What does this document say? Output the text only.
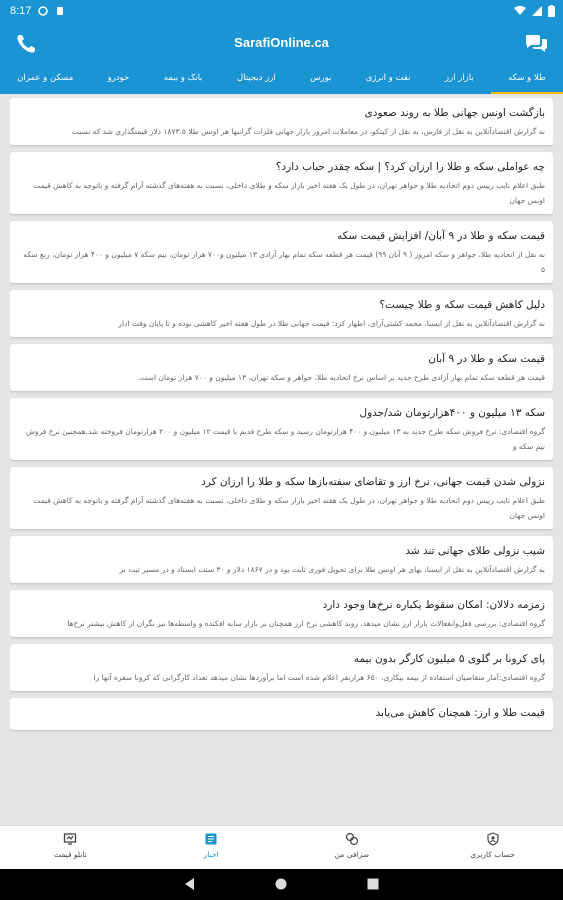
8:17
SarafiOnline.ca
طلا و سکه
بازار ارز
نفت و انرژی
بورس
ارز دیجیتال
بانک و بیمه
خودرو
مسکن و عمران
بازگشت اونس جهانی طلا به روند صعودی
به گزارش اقتصادآنلاین به نقل از فارس، به نقل از کیتکو، در معاملات امروز بازار جهانی فلزات گرانبها هر اونس طلا ۱۸۷۳.۵ دلار قیمتگذاری شد که نسبت
چه عواملی سکه و طلا را ارزان کرد؟ | سکه چقدر حباب دارد؟
طبق اعلام نایب رییس دوم اتحادیه طلا و جواهر تهران، در طول یک هفته اخیر بازار سکه و طلای داخلی، نسبت به هفته‌های گذشته آرام گرفته و باتوجه به کاهش قیمت اونس جهان
قیمت سکه و طلا در ۹ آبان/ افزایش قیمت سکه
به نقل از اتحادیه طلا، جواهر و سکه امروز ( ۹ آبان ۹۹) قیمت هر قطعه سکه تمام بهار آزادی ۱۳ میلیون و۷۰۰ هزار تومان، نیم سکه ۷ میلیون و ۴۰۰ هزار تومان، ربع سکه ۵
دلیل کاهش قیمت سکه و طلا چیست؟
به گزارش اقتصادآنلاین به نقل از ایسنا، محمد کشتی‌آرای، اظهار کرد: قیمت جهانی طلا در طول هفته اخیر کاهشی بوده و تا پایان وقت ادار
قیمت سکه و طلا در ۹ آبان
قیمت هر قطعه سکه تمام بهار آزادی طرح جدید بر اساس نرخ اتحادیه طلا، جواهر و سکه تهران، ۱۳ میلیون و ۷۰۰ هزار تومان است.
سکه ۱۳ میلیون و ۴۰۰هزارتومان شد/جدول
گروه اقتصادی: نرخ فروش سکه طرح جدید به ۱۳ میلیون و ۴۰۰ هزارتومان رسید و سکه طرح قدیم با قیمت ۱۲ میلیون و ۲۰۰ هزارتومان فروخته شد.همچنین نرخ فروش نیم سکه و
نزولی شدن قیمت جهانی، نرخ ارز و تقاضای سفته‌بازها سکه و طلا را ارزان کرد
طبق اعلام نایب رییس دوم اتحادیه طلا و جواهر تهران، در طول یک هفته اخیر بازار سکه و طلای داخلی، نسبت به هفته‌های گذشته آرام گرفته و باتوجه به کاهش قیمت اونس جهان
شیب نزولی طلای جهانی تند شد
به گزارش اقتصادآنلاین به نقل از ایسنا، بهای هر اونس طلا برای تحویل فوری ثابت بود و در ۱۸۶۷ دلار و ۳۰ سنت ایستاد و در مسیر ثبت بز
زمزمه دلالان: امکان سقوط یکباره نرخ‌ها وجود دارد
گروه اقتصادی: بررسی فعل‌وانفعالات بازار ارز نشان میدهد، روند کاهشی نرخ ارز همچنان بر بازار سایه افکنده و واسطه‌ها نیز نگران از کاهش بیشتر نرخ‌ها
پای کرونا بر گلوی ۵ میلیون کارگر بدون بیمه
گروه اقتصادی:آمار متقاضیان استفاده از بیمه بیکاری، ۶۵۰ هزارنفر اعلام شده است اما برآوردها نشان میدهد تعداد کارگرانی که کرونا سفره آنها را
قیمت طلا و ارز: همچنان کاهش می‌یابد
تابلو قیمت	اخبار	صرافی من	حساب کاربری
